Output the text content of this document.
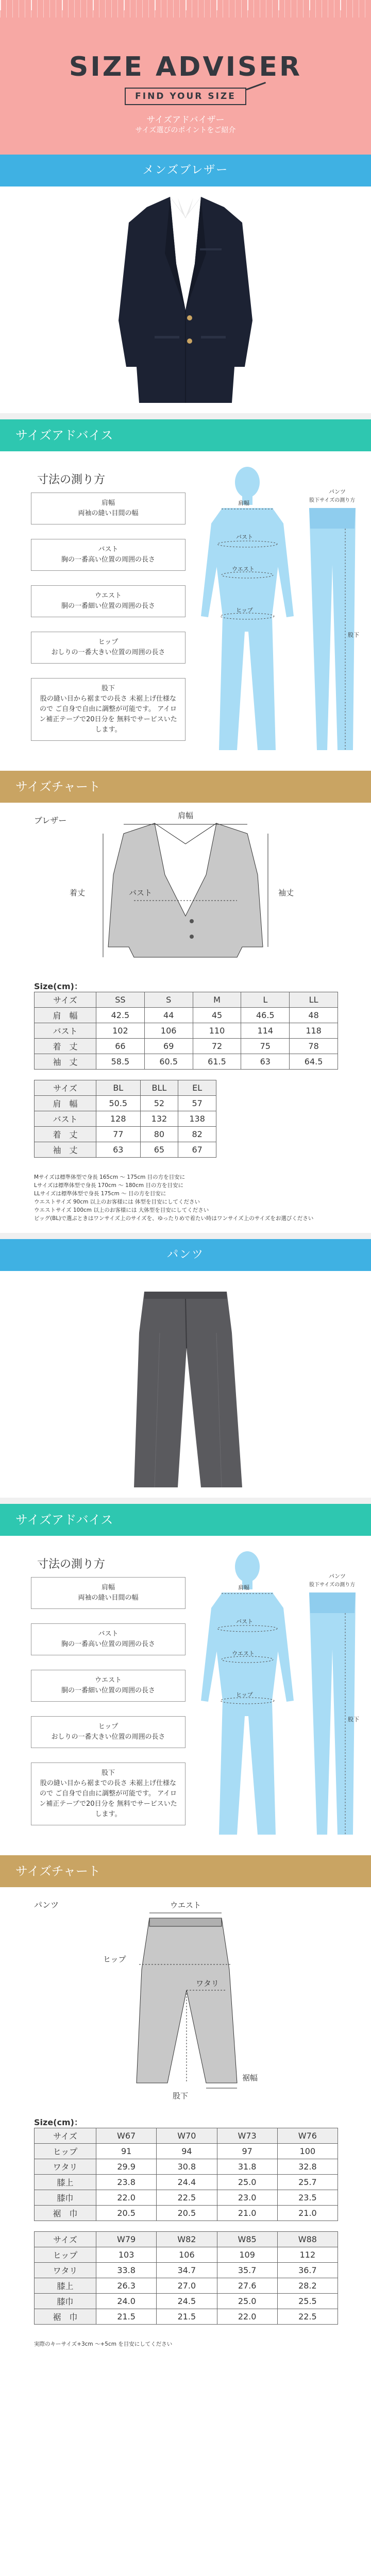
SIZE ADVISER
FIND YOUR SIZE
サイズアドバイザー
サイズ選びのポイントをご紹介
メンズブレザー
サイズアドバイス
寸法の測り方
肩幅
両袖の縫い目間の幅
バスト
胸の一番高い位置の周囲の長さ
ウエスト
胴の一番細い位置の周囲の長さ
ヒップ
おしりの一番大きい位置の周囲の長さ
股下
股の縫い目から裾までの長さ 未裾上げ仕様なので ご自身で自由に調整が可能です。 アイロン補正テープで20日分を 無料でサービスいたします。
肩幅
バスト
ウエスト
ヒップ
パンツ
股下サイズの測り方
股下
サイズチャート
ブレザー	肩幅
着丈	バスト	袖丈
Size(cm)：
サイズ	SS	S	M	L	LL
肩　幅	42.5	44	45	46.5	48
バスト	102	106	110	114	118
着　丈	66	69	72	75	78
袖　丈	58.5	60.5	61.5	63	64.5
サイズ	BL	BLL	EL
肩　幅	50.5	52	57
バスト	128	132	138
着　丈	77	80	82
袖　丈	63	65	67
Mサイズは標準体型で身長 165cm ～ 175cm 目の方を目安に
Lサイズは標準体型で身長 170cm ～ 180cm 目の方を目安に
LLサイズは標準体型で身長 175cm ～ 目の方を目安に
ウエストサイズ 90cm 以上のお客様には 体型を目安にしてください
ウエストサイズ 100cm 以上のお客様には 大体型を目安にしてください
ビッグ(BL)で選ぶときはワンサイズ上のサイズを、ゆったりめで着たい時はワンサイズ上のサイズをお選びください
パンツ
サイズアドバイス
寸法の測り方
肩幅
両袖の縫い目間の幅
バスト
胸の一番高い位置の周囲の長さ
ウエスト
胴の一番細い位置の周囲の長さ
ヒップ
おしりの一番大きい位置の周囲の長さ
股下
股の縫い目から裾までの長さ 未裾上げ仕様なので ご自身で自由に調整が可能です。 アイロン補正テープで20日分を 無料でサービスいたします。
肩幅
バスト
ウエスト
ヒップ
パンツ
股下サイズの測り方
股下
サイズチャート
パンツ	ウエスト
ヒップ
ワタリ
裾幅
股下
Size(cm)：
サイズ	W67	W70	W73	W76
ヒップ	91	94	97	100
ワタリ	29.9	30.8	31.8	32.8
膝上	23.8	24.4	25.0	25.7
膝巾	22.0	22.5	23.0	23.5
裾　巾	20.5	20.5	21.0	21.0
サイズ	W79	W82	W85	W88
ヒップ	103	106	109	112
ワタリ	33.8	34.7	35.7	36.7
膝上	26.3	27.0	27.6	28.2
膝巾	24.0	24.5	25.0	25.5
裾　巾	21.5	21.5	22.0	22.5
実際のキーサイズ+3cm ～+5cm を目安にしてください
